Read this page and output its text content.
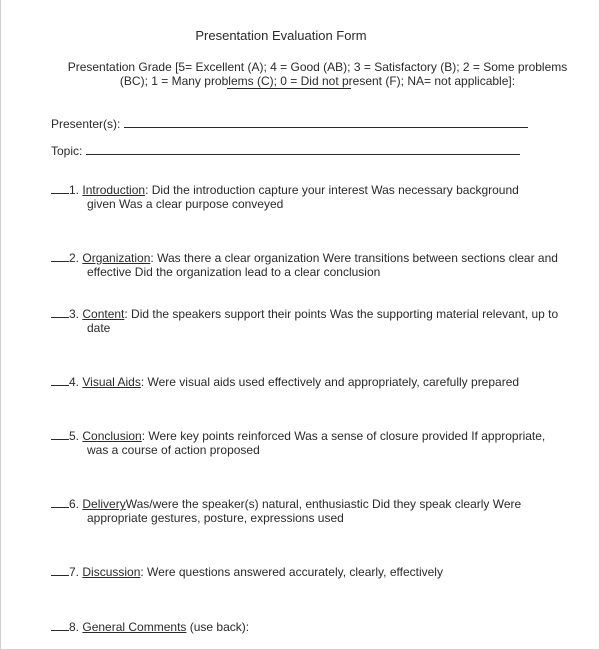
Presentation Evaluation Form
Presentation Grade [5= Excellent (A); 4 = Good (AB); 3 = Satisfactory (B); 2 = Some problems
(BC); 1 = Many problems (C); 0 = Did not present (F); NA= not applicable]:
Presenter(s):
Topic:
1. Introduction: Did the introduction capture your interest Was necessary background
given Was a clear purpose conveyed
2. Organization: Was there a clear organization Were transitions between sections clear and
effective Did the organization lead to a clear conclusion
3. Content: Did the speakers support their points Was the supporting material relevant, up to
date
4. Visual Aids: Were visual aids used effectively and appropriately, carefully prepared
5. Conclusion: Were key points reinforced Was a sense of closure provided If appropriate,
was a course of action proposed
6. DeliveryWas/were the speaker(s) natural, enthusiastic Did they speak clearly Were
appropriate gestures, posture, expressions used
7. Discussion: Were questions answered accurately, clearly, effectively
8. General Comments (use back):
